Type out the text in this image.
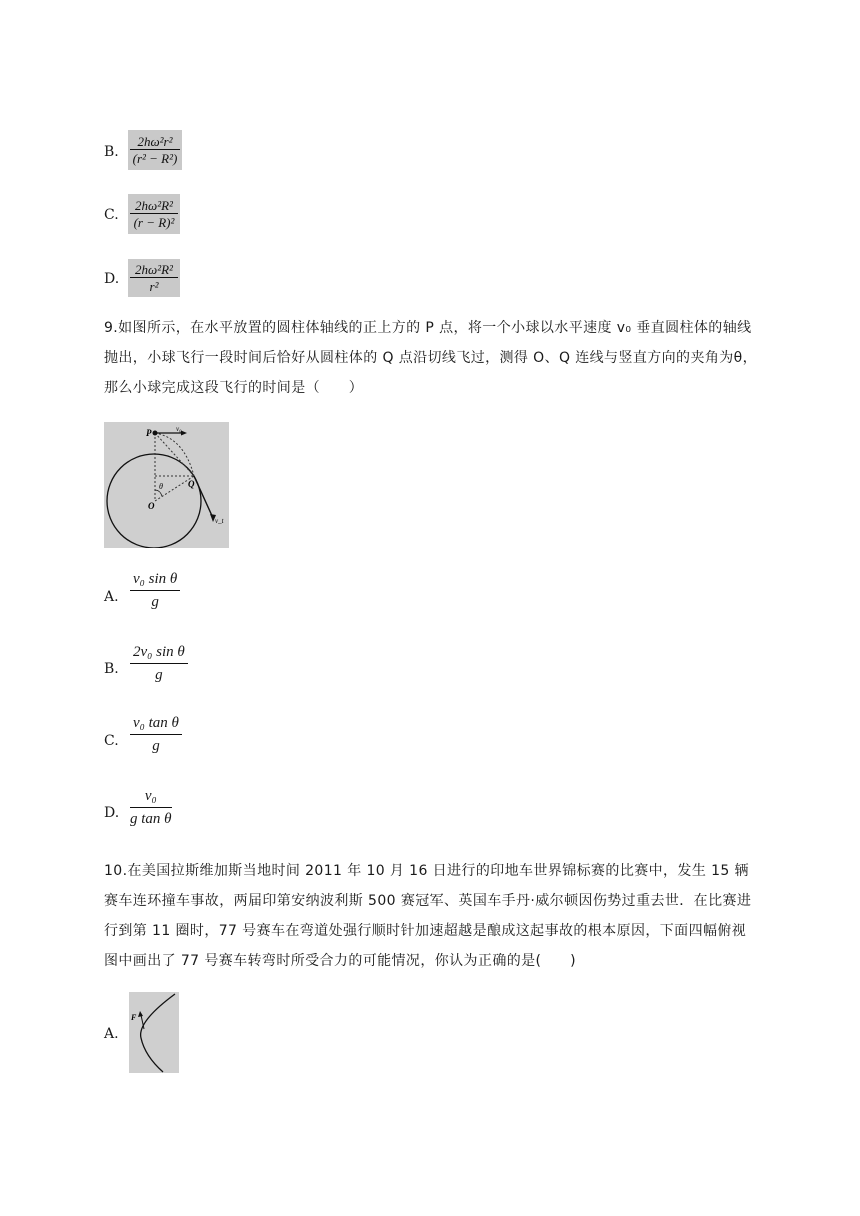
B.
2hω²r²
(r² − R²)
C.
2hω²R²
(r − R)²
D.
2hω²R²
r²
9.如图所示，在水平放置的圆柱体轴线的正上方的 P 点，将一个小球以水平速度 v₀ 垂直圆柱体的轴线抛出，小球飞行一段时间后恰好从圆柱体的 Q 点沿切线飞过，测得 O、Q 连线与竖直方向的夹角为θ，那么小球完成这段飞行的时间是（　　）
P	v₀
θ
O
Q
v_t
A.
v₀ sin θ
g
B.
2v₀ sin θ
g
C.
v₀ tan θ
g
D.
v₀
g tan θ
10.在美国拉斯维加斯当地时间 2011 年 10 月 16 日进行的印地车世界锦标赛的比赛中，发生 15 辆赛车连环撞车事故，两届印第安纳波利斯 500 赛冠军、英国车手丹·威尔顿因伤势过重去世．在比赛进行到第 11 圈时，77 号赛车在弯道处强行顺时针加速超越是酿成这起事故的根本原因，下面四幅俯视图中画出了 77 号赛车转弯时所受合力的可能情况，你认为正确的是(　　)
A.
F
